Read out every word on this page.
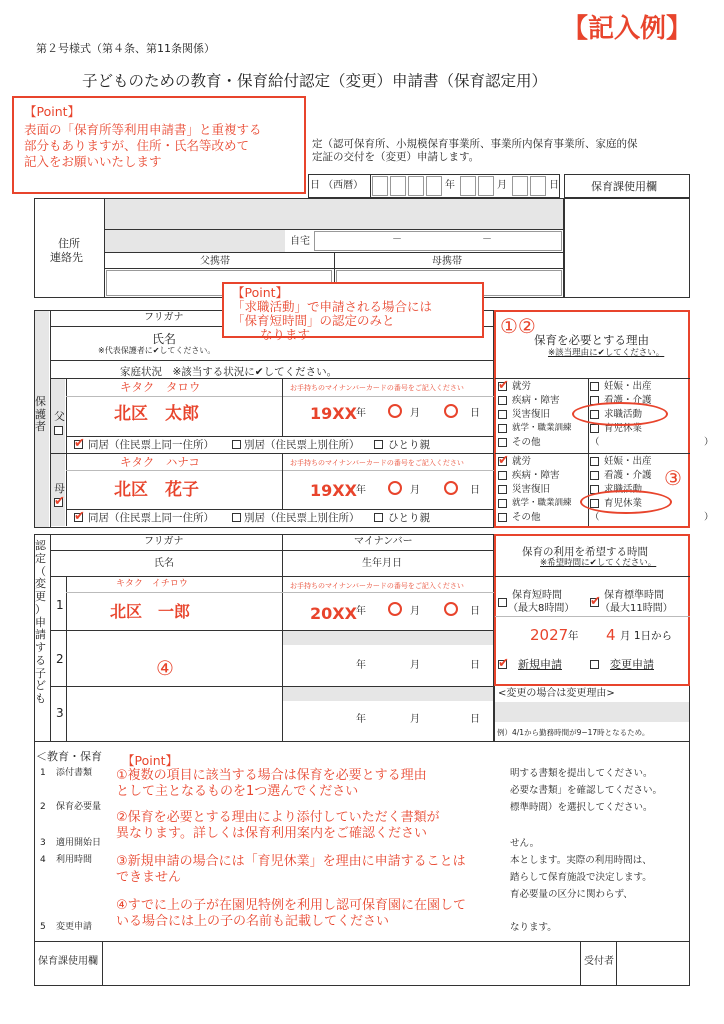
第２号様式（第４条、第11条関係）
【記入例】
子どものための教育・保育給付認定（変更）申請書（保育認定用）
定（認可保育所、小規模保育事業所、事業所内保育事業所、家庭的保
定証の交付を（変更）申請します。
日 （西暦）	年	月	日	保育課使用欄
住所
連絡先
自宅	－	－
父携帯	母携帯
【Point】
表面の「保育所等利用申請書」と重複する
部分もありますが、住所・氏名等改めて
記入をお願いいたします
保
護
者
フリガナ
氏名
※代表保護者に✔してください。
家庭状況　※該当する状況に✔してください。
父
キタク　タロウ
北区　太郎
お手持ちのマイナンバーカードの番号をご記入ください
19XX 年	月	日
✔ 同居（住民票上同一住所）	別居（住民票上別住所）	ひとり親
母
✔
キタク　ハナコ
北区　花子
お手持ちのマイナンバーカードの番号をご記入ください
19XX 年	月	日
✔ 同居（住民票上同一住所）	別居（住民票上別住所）	ひとり親
【Point】
「求職活動」で申請される場合には
「保育短時間」の認定のみと
なります	①②
保育を必要とする理由
※該当理由に✔してください。
✔ 就労
疾病・障害
災害復旧
就学・職業訓練
その他
妊娠・出産
看護・介護
求職活動
育児休業
（　　　　　　　　　　　）
✔ 就労
疾病・障害
災害復旧
就学・職業訓練
その他
妊娠・出産
看護・介護
求職活動
育児休業
（　　　　　　　　　　　）
③
認
定
（
変
更
）
申
請
す
る
子
ど
も
フリガナ	マイナンバー
氏名	生年月日
1
キタク　イチロウ
北区　一郎
お手持ちのマイナンバーカードの番号をご記入ください
20XX 年	月	日
2	④	年	月	日
3	年	月	日
保育の利用を希望する時間
※希望時間に✔してください。
保育短時間
（最大8時間） ✔ 保育標準時間
（最大11時間）
2027 年 4 月 1日から
✔ 新規申請	変更申請
<変更の場合は変更理由>
例）4/1から勤務時間が9−17時となるため。
＜教育・保育
1 添付書類	明する書類を提出してください。
必要な書類」を確認してください。
2 保育必要量	標準時間）を選択してください。
3 適用開始日	せん。
4 利用時間	本とします。実際の利用時間は、
踏らして保育施設で決定します。
育必要量の区分に関わらず、
5 変更申請	なります。
【Point】
①複数の項目に該当する場合は保育を必要とする理由
として主となるものを1つ選んでください
②保育を必要とする理由により添付していただく書類が
異なります。詳しくは保育利用案内をご確認ください
③新規申請の場合には「育児休業」を理由に申請することは
できません
④すでに上の子が在園児特例を利用し認可保育園に在園して
いる場合には上の子の名前も記載してください
保育課使用欄	受付者
